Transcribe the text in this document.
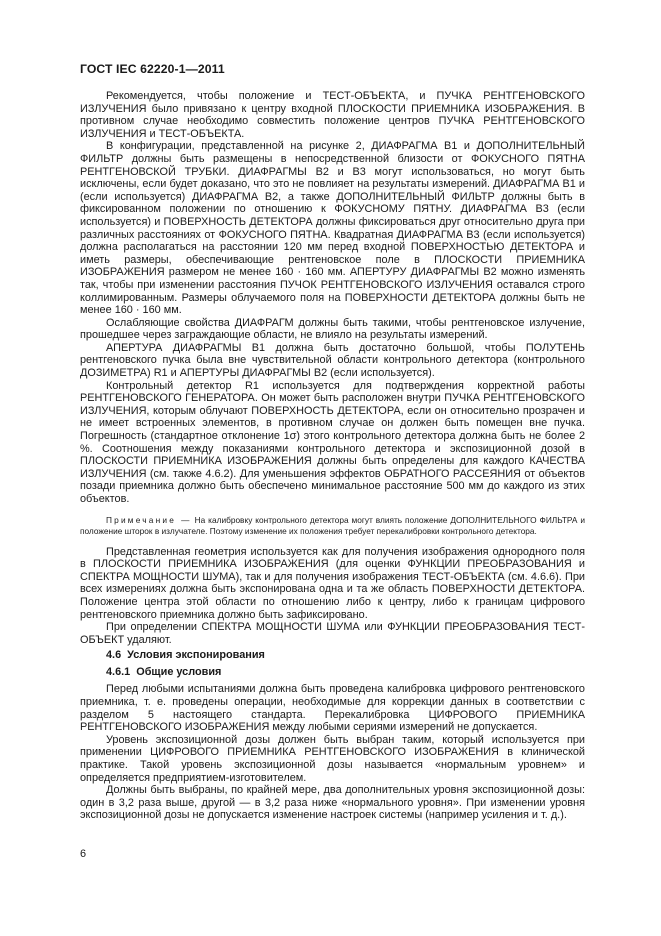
ГОСТ IEC 62220-1—2011

Рекомендуется, чтобы положение и ТЕСТ-ОБЪЕКТА, и ПУЧКА РЕНТГЕНОВСКОГО ИЗЛУЧЕНИЯ было привязано к центру входной ПЛОСКОСТИ ПРИЕМНИКА ИЗОБРАЖЕНИЯ. В противном случае необходимо совместить положение центров ПУЧКА РЕНТГЕНОВСКОГО ИЗЛУЧЕНИЯ и ТЕСТ-ОБЪЕКТА.

В конфигурации, представленной на рисунке 2, ДИАФРАГМА В1 и ДОПОЛНИТЕЛЬНЫЙ ФИЛЬТР должны быть размещены в непосредственной близости от ФОКУСНОГО ПЯТНА РЕНТГЕНОВСКОЙ ТРУБКИ. ДИАФРАГМЫ В2 и В3 могут использоваться, но могут быть исключены, если будет доказано, что это не повлияет на результаты измерений. ДИАФРАГМА В1 и (если используется) ДИАФРАГМА В2, а также ДОПОЛНИТЕЛЬНЫЙ ФИЛЬТР должны быть в фиксированном положении по отношению к ФОКУСНОМУ ПЯТНУ. ДИАФРАГМА В3 (если используется) и ПОВЕРХНОСТЬ ДЕТЕКТОРА должны фиксироваться друг относительно друга при различных расстояниях от ФОКУСНОГО ПЯТНА. Квадратная ДИАФРАГМА В3 (если используется) должна располагаться на расстоянии 120 мм перед входной ПОВЕРХНОСТЬЮ ДЕТЕКТОРА и иметь размеры, обеспечивающие рентгеновское поле в ПЛОСКОСТИ ПРИЕМНИКА ИЗОБРАЖЕНИЯ размером не менее 160 · 160 мм. АПЕРТУРУ ДИАФРАГМЫ В2 можно изменять так, чтобы при изменении расстояния ПУЧОК РЕНТГЕНОВСКОГО ИЗЛУЧЕНИЯ оставался строго коллимированным. Размеры облучаемого поля на ПОВЕРХНОСТИ ДЕТЕКТОРА должны быть не менее 160 · 160 мм.

Ослабляющие свойства ДИАФРАГМ должны быть такими, чтобы рентгеновское излучение, прошедшее через заграждающие области, не влияло на результаты измерений.

АПЕРТУРА ДИАФРАГМЫ В1 должна быть достаточно большой, чтобы ПОЛУТЕНЬ рентгеновского пучка была вне чувствительной области контрольного детектора (контрольного ДОЗИМЕТРА) R1 и АПЕРТУРЫ ДИАФРАГМЫ В2 (если используется).

Контрольный детектор R1 используется для подтверждения корректной работы РЕНТГЕНОВСКОГО ГЕНЕРАТОРА. Он может быть расположен внутри ПУЧКА РЕНТГЕНОВСКОГО ИЗЛУЧЕНИЯ, которым облучают ПОВЕРХНОСТЬ ДЕТЕКТОРА, если он относительно прозрачен и не имеет встроенных элементов, в противном случае он должен быть помещен вне пучка. Погрешность (стандартное отклонение 1σ) этого контрольного детектора должна быть не более 2 %. Соотношения между показаниями контрольного детектора и экспозиционной дозой в ПЛОСКОСТИ ПРИЕМНИКА ИЗОБРАЖЕНИЯ должны быть определены для каждого КАЧЕСТВА ИЗЛУЧЕНИЯ (см. также 4.6.2). Для уменьшения эффектов ОБРАТНОГО РАССЕЯНИЯ от объектов позади приемника должно быть обеспечено минимальное расстояние 500 мм до каждого из этих объектов.

Примечание — На калибровку контрольного детектора могут влиять положение ДОПОЛНИТЕЛЬНОГО ФИЛЬТРА и положение шторок в излучателе. Поэтому изменение их положения требует перекалибровки контрольного детектора.

Представленная геометрия используется как для получения изображения однородного поля в ПЛОСКОСТИ ПРИЕМНИКА ИЗОБРАЖЕНИЯ (для оценки ФУНКЦИИ ПРЕОБРАЗОВАНИЯ и СПЕКТРА МОЩНОСТИ ШУМА), так и для получения изображения ТЕСТ-ОБЪЕКТА (см. 4.6.6). При всех измерениях должна быть экспонирована одна и та же область ПОВЕРХНОСТИ ДЕТЕКТОРА. Положение центра этой области по отношению либо к центру, либо к границам цифрового рентгеновского приемника должно быть зафиксировано.

При определении СПЕКТРА МОЩНОСТИ ШУМА или ФУНКЦИИ ПРЕОБРАЗОВАНИЯ ТЕСТ-ОБЪЕКТ удаляют.

4.6 Условия экспонирования
4.6.1 Общие условия

Перед любыми испытаниями должна быть проведена калибровка цифрового рентгеновского приемника, т. е. проведены операции, необходимые для коррекции данных в соответствии с разделом 5 настоящего стандарта. Перекалибровка ЦИФРОВОГО ПРИЕМНИКА РЕНТГЕНОВСКОГО ИЗОБРАЖЕНИЯ между любыми сериями измерений не допускается.

Уровень экспозиционной дозы должен быть выбран таким, который используется при применении ЦИФРОВОГО ПРИЕМНИКА РЕНТГЕНОВСКОГО ИЗОБРАЖЕНИЯ в клинической практике. Такой уровень экспозиционной дозы называется «нормальным уровнем» и определяется предприятием-изготовителем.

Должны быть выбраны, по крайней мере, два дополнительных уровня экспозиционной дозы: один в 3,2 раза выше, другой — в 3,2 раза ниже «нормального уровня». При изменении уровня экспозиционной дозы не допускается изменение настроек системы (например усиления и т. д.).

6
